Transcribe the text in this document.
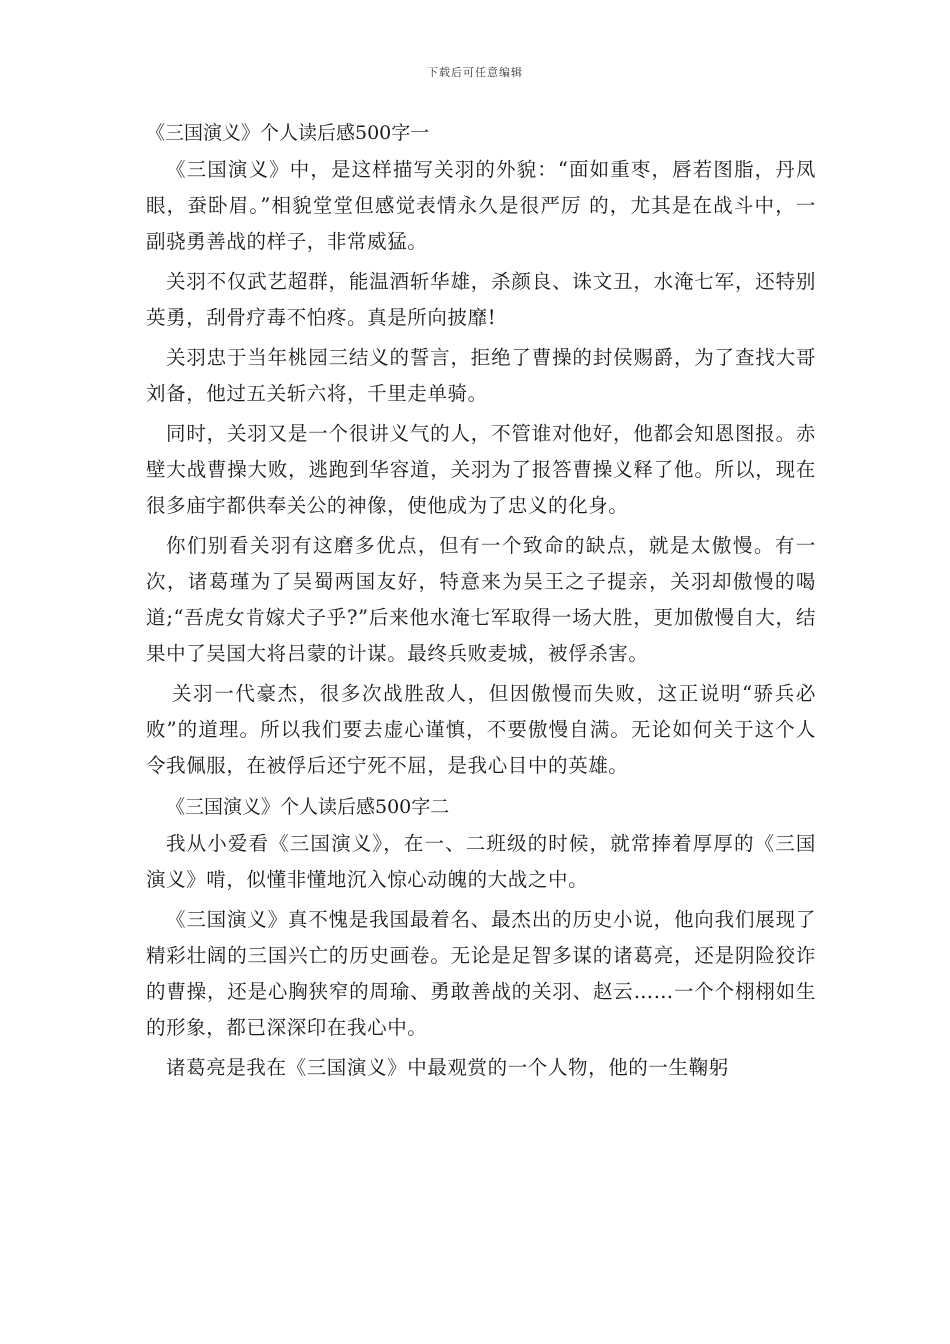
下载后可任意编辑
《三国演义》个人读后感500字一

《三国演义》中，是这样描写关羽的外貌：“面如重枣，唇若图脂，丹凤眼，蚕卧眉。”相貌堂堂但感觉表情永久是很严厉 的，尤其是在战斗中，一副骁勇善战的样子，非常威猛。

关羽不仅武艺超群，能温酒斩华雄，杀颜良、诛文丑，水淹七军，还特别英勇，刮骨疗毒不怕疼。真是所向披靡!

关羽忠于当年桃园三结义的誓言，拒绝了曹操的封侯赐爵，为了查找大哥刘备，他过五关斩六将，千里走单骑。

同时，关羽又是一个很讲义气的人，不管谁对他好，他都会知恩图报。赤壁大战曹操大败，逃跑到华容道，关羽为了报答曹操义释了他。所以，现在很多庙宇都供奉关公的神像，使他成为了忠义的化身。

你们别看关羽有这磨多优点，但有一个致命的缺点，就是太傲慢。有一次，诸葛瑾为了吴蜀两国友好，特意来为吴王之子提亲，关羽却傲慢的喝道;“吾虎女肯嫁犬子乎?”后来他水淹七军取得一场大胜，更加傲慢自大，结果中了吴国大将吕蒙的计谋。最终兵败麦城，被俘杀害。

关羽一代豪杰，很多次战胜敌人，但因傲慢而失败，这正说明“骄兵必败”的道理。所以我们要去虚心谨慎，不要傲慢自满。无论如何关于这个人令我佩服，在被俘后还宁死不屈，是我心目中的英雄。

《三国演义》个人读后感500字二

我从小爱看《三国演义》，在一、二班级的时候，就常捧着厚厚的《三国演义》啃，似懂非懂地沉入惊心动魄的大战之中。

《三国演义》真不愧是我国最着名、最杰出的历史小说，他向我们展现了精彩壮阔的三国兴亡的历史画卷。无论是足智多谋的诸葛亮，还是阴险狡诈的曹操，还是心胸狭窄的周瑜、勇敢善战的关羽、赵云……一个个栩栩如生的形象，都已深深印在我心中。

诸葛亮是我在《三国演义》中最观赏的一个人物，他的一生鞠躬
